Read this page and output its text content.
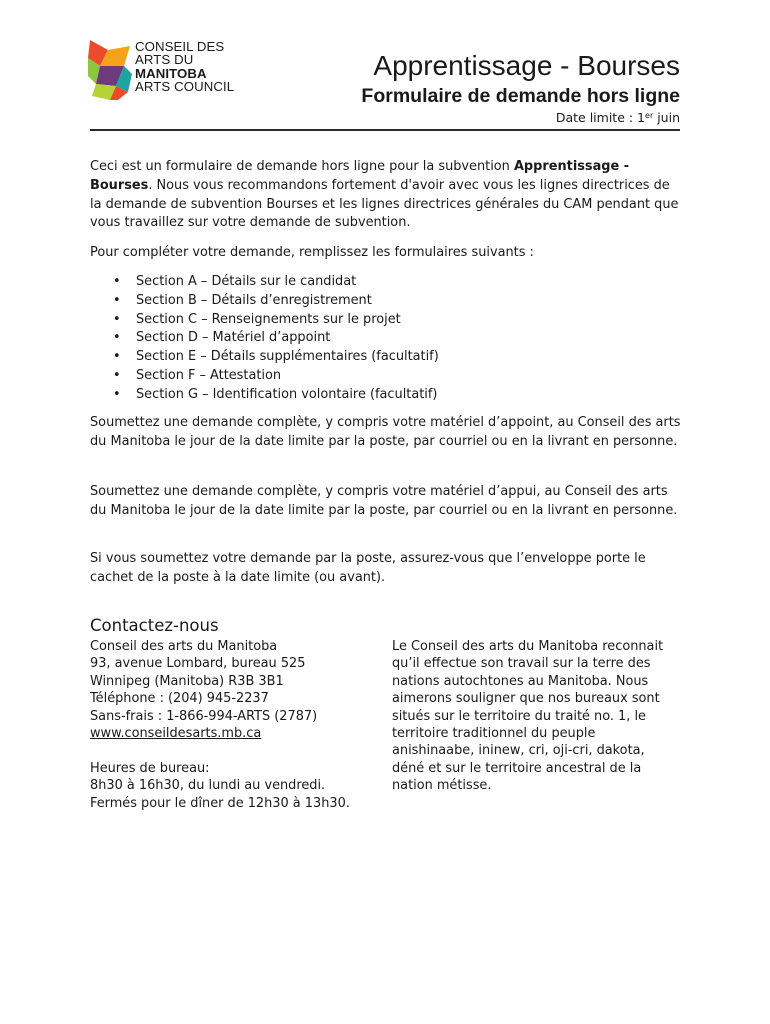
CONSEIL DES
ARTS DU
MANITOBA
ARTS COUNCIL
Apprentissage - Bourses
Formulaire de demande hors ligne
Date limite : 1er juin

Ceci est un formulaire de demande hors ligne pour la subvention Apprentissage - Bourses. Nous vous recommandons fortement d'avoir avec vous les lignes directrices de la demande de subvention Bourses et les lignes directrices générales du CAM pendant que vous travaillez sur votre demande de subvention.

Pour compléter votre demande, remplissez les formulaires suivants :

• Section A – Détails sur le candidat
• Section B – Détails d’enregistrement
• Section C – Renseignements sur le projet
• Section D – Matériel d’appoint
• Section E – Détails supplémentaires (facultatif)
• Section F – Attestation
• Section G – Identification volontaire (facultatif)

Soumettez une demande complète, y compris votre matériel d’appoint, au Conseil des arts du Manitoba le jour de la date limite par la poste, par courriel ou en la livrant en personne.

Soumettez une demande complète, y compris votre matériel d’appui, au Conseil des arts du Manitoba le jour de la date limite par la poste, par courriel ou en la livrant en personne.

Si vous soumettez votre demande par la poste, assurez-vous que l’enveloppe porte le cachet de la poste à la date limite (ou avant).

Contactez-nous
Conseil des arts du Manitoba
93, avenue Lombard, bureau 525
Winnipeg (Manitoba) R3B 3B1
Téléphone : (204) 945-2237
Sans-frais : 1-866-994-ARTS (2787)
www.conseildesarts.mb.ca
Heures de bureau:
8h30 à 16h30, du lundi au vendredi.
Fermés pour le dîner de 12h30 à 13h30.

Le Conseil des arts du Manitoba reconnait qu’il effectue son travail sur la terre des nations autochtones au Manitoba. Nous aimerons souligner que nos bureaux sont situés sur le territoire du traité no. 1, le territoire traditionnel du peuple anishinaabe, ininew, cri, oji-cri, dakota, déné et sur le territoire ancestral de la nation métisse.
